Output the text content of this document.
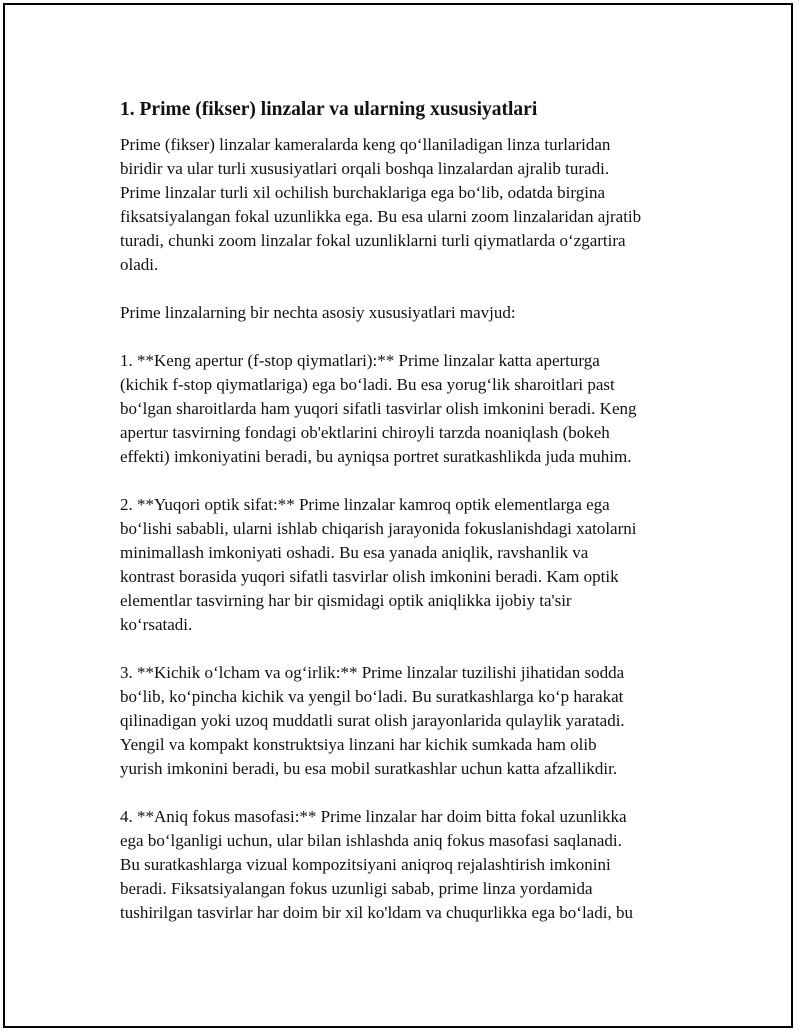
1. Prime (fikser) linzalar va ularning xususiyatlari

Prime (fikser) linzalar kameralarda keng qo‘llaniladigan linza turlaridan
biridir va ular turli xususiyatlari orqali boshqa linzalardan ajralib turadi.
Prime linzalar turli xil ochilish burchaklariga ega bo‘lib, odatda birgina
fiksatsiyalangan fokal uzunlikka ega. Bu esa ularni zoom linzalaridan ajratib
turadi, chunki zoom linzalar fokal uzunliklarni turli qiymatlarda o‘zgartira
oladi.

Prime linzalarning bir nechta asosiy xususiyatlari mavjud:

1. **Keng apertur (f-stop qiymatlari):** Prime linzalar katta aperturga
(kichik f-stop qiymatlariga) ega bo‘ladi. Bu esa yorug‘lik sharoitlari past
bo‘lgan sharoitlarda ham yuqori sifatli tasvirlar olish imkonini beradi. Keng
apertur tasvirning fondagi ob'ektlarini chiroyli tarzda noaniqlash (bokeh
effekti) imkoniyatini beradi, bu ayniqsa portret suratkashlikda juda muhim.

2. **Yuqori optik sifat:** Prime linzalar kamroq optik elementlarga ega
bo‘lishi sababli, ularni ishlab chiqarish jarayonida fokuslanishdagi xatolarni
minimallash imkoniyati oshadi. Bu esa yanada aniqlik, ravshanlik va
kontrast borasida yuqori sifatli tasvirlar olish imkonini beradi. Kam optik
elementlar tasvirning har bir qismidagi optik aniqlikka ijobiy ta'sir
ko‘rsatadi.

3. **Kichik o‘lcham va og‘irlik:** Prime linzalar tuzilishi jihatidan sodda
bo‘lib, ko‘pincha kichik va yengil bo‘ladi. Bu suratkashlarga ko‘p harakat
qilinadigan yoki uzoq muddatli surat olish jarayonlarida qulaylik yaratadi.
Yengil va kompakt konstruktsiya linzani har kichik sumkada ham olib
yurish imkonini beradi, bu esa mobil suratkashlar uchun katta afzallikdir.

4. **Aniq fokus masofasi:** Prime linzalar har doim bitta fokal uzunlikka
ega bo‘lganligi uchun, ular bilan ishlashda aniq fokus masofasi saqlanadi.
Bu suratkashlarga vizual kompozitsiyani aniqroq rejalashtirish imkonini
beradi. Fiksatsiyalangan fokus uzunligi sabab, prime linza yordamida
tushirilgan tasvirlar har doim bir xil ko'ldam va chuqurlikka ega bo‘ladi, bu
